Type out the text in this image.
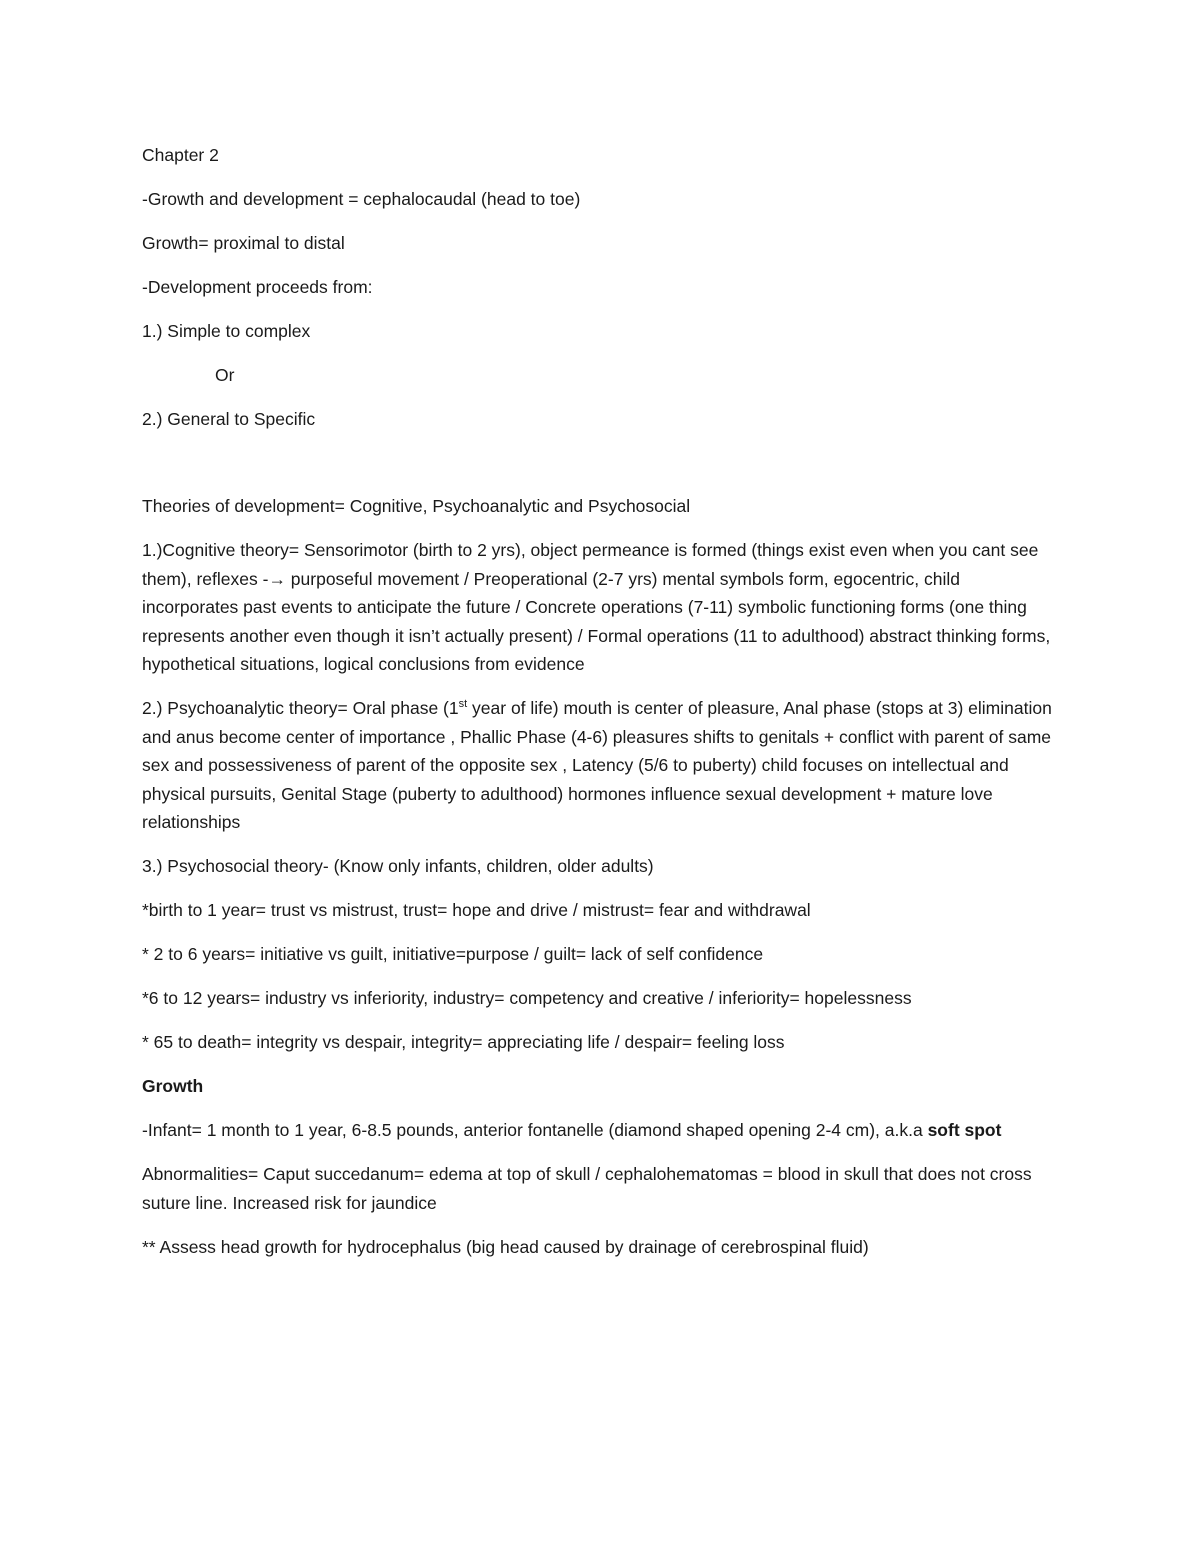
Chapter 2

-Growth and development = cephalocaudal (head to toe)

Growth= proximal to distal

-Development proceeds from:

1.) Simple to complex

Or

2.) General to Specific

Theories of development= Cognitive, Psychoanalytic and Psychosocial

1.)Cognitive theory= Sensorimotor (birth to 2 yrs), object permeance is formed (things exist even when you cant see them), reflexes -→ purposeful movement / Preoperational (2-7 yrs) mental symbols form, egocentric, child incorporates past events to anticipate the future / Concrete operations (7-11) symbolic functioning forms (one thing represents another even though it isn’t actually present) / Formal operations (11 to adulthood) abstract thinking forms, hypothetical situations, logical conclusions from evidence

2.) Psychoanalytic theory= Oral phase (1st year of life) mouth is center of pleasure, Anal phase (stops at 3) elimination and anus become center of importance , Phallic Phase (4-6) pleasures shifts to genitals + conflict with parent of same sex and possessiveness of parent of the opposite sex , Latency (5/6 to puberty) child focuses on intellectual and physical pursuits, Genital Stage (puberty to adulthood) hormones influence sexual development + mature love relationships

3.) Psychosocial theory- (Know only infants, children, older adults)

*birth to 1 year= trust vs mistrust, trust= hope and drive / mistrust= fear and withdrawal

* 2 to 6 years= initiative vs guilt, initiative=purpose / guilt= lack of self confidence

*6 to 12 years= industry vs inferiority, industry= competency and creative / inferiority= hopelessness

* 65 to death= integrity vs despair, integrity= appreciating life / despair= feeling loss

Growth

-Infant= 1 month to 1 year, 6-8.5 pounds, anterior fontanelle (diamond shaped opening 2-4 cm), a.k.a soft spot

Abnormalities= Caput succedanum= edema at top of skull / cephalohematomas = blood in skull that does not cross suture line. Increased risk for jaundice

** Assess head growth for hydrocephalus (big head caused by drainage of cerebrospinal fluid)
